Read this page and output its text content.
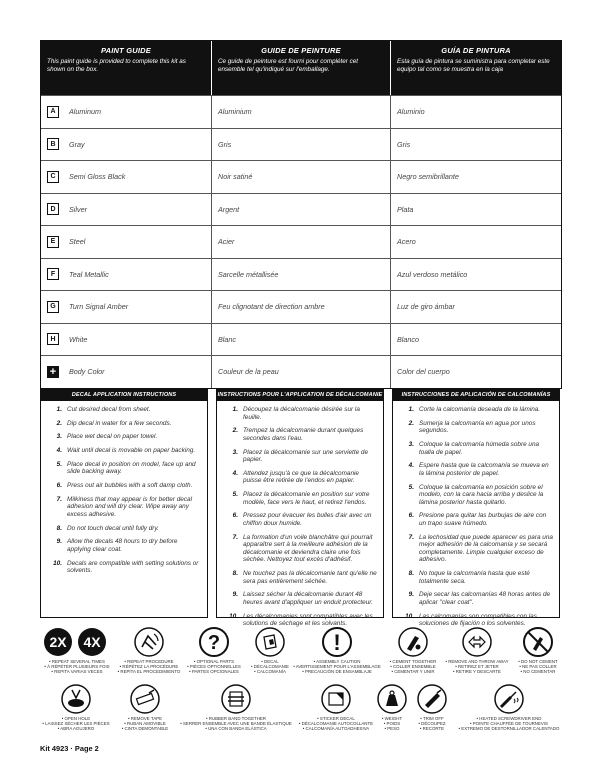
PAINT GUIDE
This paint guide is provided to complete this kit as shown on the box.
GUIDE DE PEINTURE
Ce guide de peinture est fourni pour compléter cet ensemble tel qu'indiqué sur l'emballage.
GUÍA DE PINTURA
Esta guía de pintura se suministra para completar este equipo tal como se muestra en la caja
A	Aluminum	Aluminium	Aluminio
B	Gray	Gris	Gris
C	Semi Gloss Black	Noir satiné	Negro semibrillante
D	Silver	Argent	Plata
E	Steel	Acier	Acero
F	Teal Metallic	Sarcelle métallisée	Azul verdoso metálico
G	Turn Signal Amber	Feu clignotant de direction ambre	Luz de giro ámbar
H	White	Blanc	Blanco
+	Body Color	Couleur de la peau	Color del cuerpo
DECAL APPLICATION INSTRUCTIONS
1. Cut desired decal from sheet.
2. Dip decal in water for a few seconds.
3. Place wet decal on paper towel.
4. Wait until decal is movable on paper backing.
5. Place decal in position on model, face up and slide backing away.
6. Press out air bubbles with a soft damp cloth.
7. Milkiness that may appear is for better decal adhesion and will dry clear. Wipe away any excess adhesive.
8. Do not touch decal until fully dry.
9. Allow the decals 48 hours to dry before applying clear coat.
10. Decals are compatible with setting solutions or solvents.
INSTRUCTIONS POUR L'APPLICATION DE DÉCALCOMANIE
1. Découpez la décalcomanie désirée sur la feuille.
2. Trempez la décalcomanie durant quelques secondes dans l'eau.
3. Placez la décalcomanie sur une serviette de papier.
4. Attendez jusqu'à ce que la décalcomanie puisse être retirée de l'endos en papier.
5. Placez la décalcomanie en position sur votre modèle, face vers le haut, et retirez l'endos.
6. Pressez pour évacuer les bulles d'air avec un chiffon doux humide.
7. La formation d'un voile blanchâtre qui pourrait apparaître sert à la meilleure adhésion de la décalcomanie et deviendra claire une fois séchée. Nettoyez tout excès d'adhésif.
8. Ne touchez pas la décalcomanie tant qu'elle ne sera pas entièrement séchée.
9. Laissez sécher la décalcomanie durant 48 heures avant d'appliquer un enduit protecteur.
10. Les décalcomanies sont compatibles avec les solutions de séchage et les solvants.
INSTRUCCIONES DE APLICACIÓN DE CALCOMANÍAS
1. Corte la calcomanía deseada de la lámina.
2. Sumerja la calcomanía en agua por unos segundos.
3. Coloque la calcomanía húmeda sobre una toalla de papel.
4. Espere hasta que la calcomanía se mueva en la lámina posterior de papel.
5. Coloque la calcomanía en posición sobre el modelo, con la cara hacia arriba y deslice la lámina posterior hasta quitarlo.
6. Presione para quitar las burbujas de aire con un trapo suave húmedo.
7. La lechosidad que puede aparecer es para una mejor adhesión de la calcomanía y se secará completamente. Limpie cualquier exceso de adhesivo.
8. No toque la calcomanía hasta que esté totalmente seca.
9. Deje secar las calcomanías 48 horas antes de aplicar "clear coat".
10. Las calcomanías son compatibles con las soluciones de fijación o los solventes.
2X 4X
• REPEAT SEVERAL TIMES
• À RÉPÉTER PLUSIEURS FOIS
• REPITA VARIAS VECES
• REPEAT PROCEDURE
• RÉPÉTEZ LA PROCÉDURE
• REPITA EL PROCEDIMIENTO
?
• OPTIONAL PARTS
• PIÈCES OPTIONNELLES
• PARTES OPCIONALES
• DECAL
• DÉCALCOMANIE
• CALCOMANÍA
!
• ASSEMBLY CAUTION
• AVERTISSEMENT POUR L'ASSEMBLAGE
• PRECAUCIÓN DE ENSAMBLAJE
• CEMENT TOGETHER
• COLLER ENSEMBLE
• CEMENTAR Y UNIR
• REMOVE AND THROW AWAY
• RETIREZ ET JETER
• RETIRE Y DESCARTE
• DO NOT CEMENT
• NE PAS COLLER
• NO CEMENTAR
• OPEN HOLE
• LAISSEZ SÉCHER LES PIÈCES
• ABRA AGUJERO
• REMOVE TAPE
• RUBAN AMOVIBLE
• CINTA DEMONTABLE
• RUBBER BAND TOGETHER
• SERRER ENSEMBLE AVEC UNE BANDE ÉLASTIQUE
• UNA CON BANDA ELÁSTICA
• STICKER DECAL
• DÉCALCOMANIE AUTOCOLLANTE
• CALCOMANÍA AUTOADHESIVA
• WEIGHT
• POIDS
• PESO
• TRIM OFF
• DÉCOUPEZ
• RECORTE
• HEATED SCREWDRIVER END
• POINTE CHAUFFÉE DE TOURNEVIS
• EXTREMO DE DESTORNILLADOR CALENTADO
Kit 4923 · Page 2
